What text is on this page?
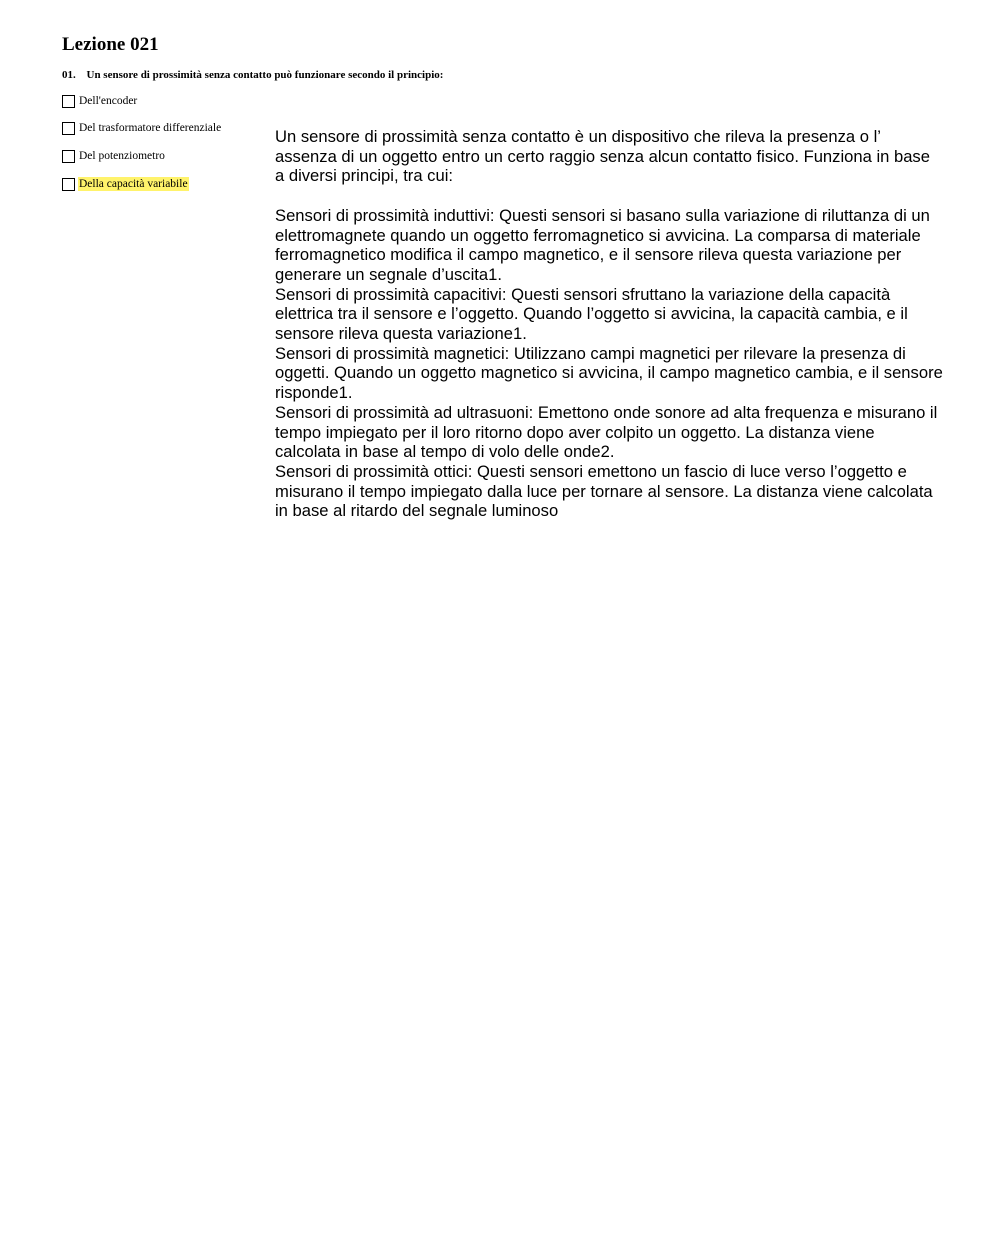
Lezione 021
01. Un sensore di prossimità senza contatto può funzionare secondo il principio:
Dell'encoder
Del trasformatore differenziale
Del potenziometro
Della capacità variabile

Un sensore di prossimità senza contatto è un dispositivo che rileva la presenza o l’ assenza di un oggetto entro un certo raggio senza alcun contatto fisico. Funziona in base a diversi principi, tra cui:

Sensori di prossimità induttivi: Questi sensori si basano sulla variazione di riluttanza di un elettromagnete quando un oggetto ferromagnetico si avvicina. La comparsa di materiale ferromagnetico modifica il campo magnetico, e il sensore rileva questa variazione per generare un segnale d’uscita1.

Sensori di prossimità capacitivi: Questi sensori sfruttano la variazione della capacità elettrica tra il sensore e l’oggetto. Quando l’oggetto si avvicina, la capacità cambia, e il sensore rileva questa variazione1.

Sensori di prossimità magnetici: Utilizzano campi magnetici per rilevare la presenza di oggetti. Quando un oggetto magnetico si avvicina, il campo magnetico cambia, e il sensore risponde1.

Sensori di prossimità ad ultrasuoni: Emettono onde sonore ad alta frequenza e misurano il tempo impiegato per il loro ritorno dopo aver colpito un oggetto. La distanza viene calcolata in base al tempo di volo delle onde2.

Sensori di prossimità ottici: Questi sensori emettono un fascio di luce verso l’oggetto e misurano il tempo impiegato dalla luce per tornare al sensore. La distanza viene calcolata in base al ritardo del segnale luminoso
